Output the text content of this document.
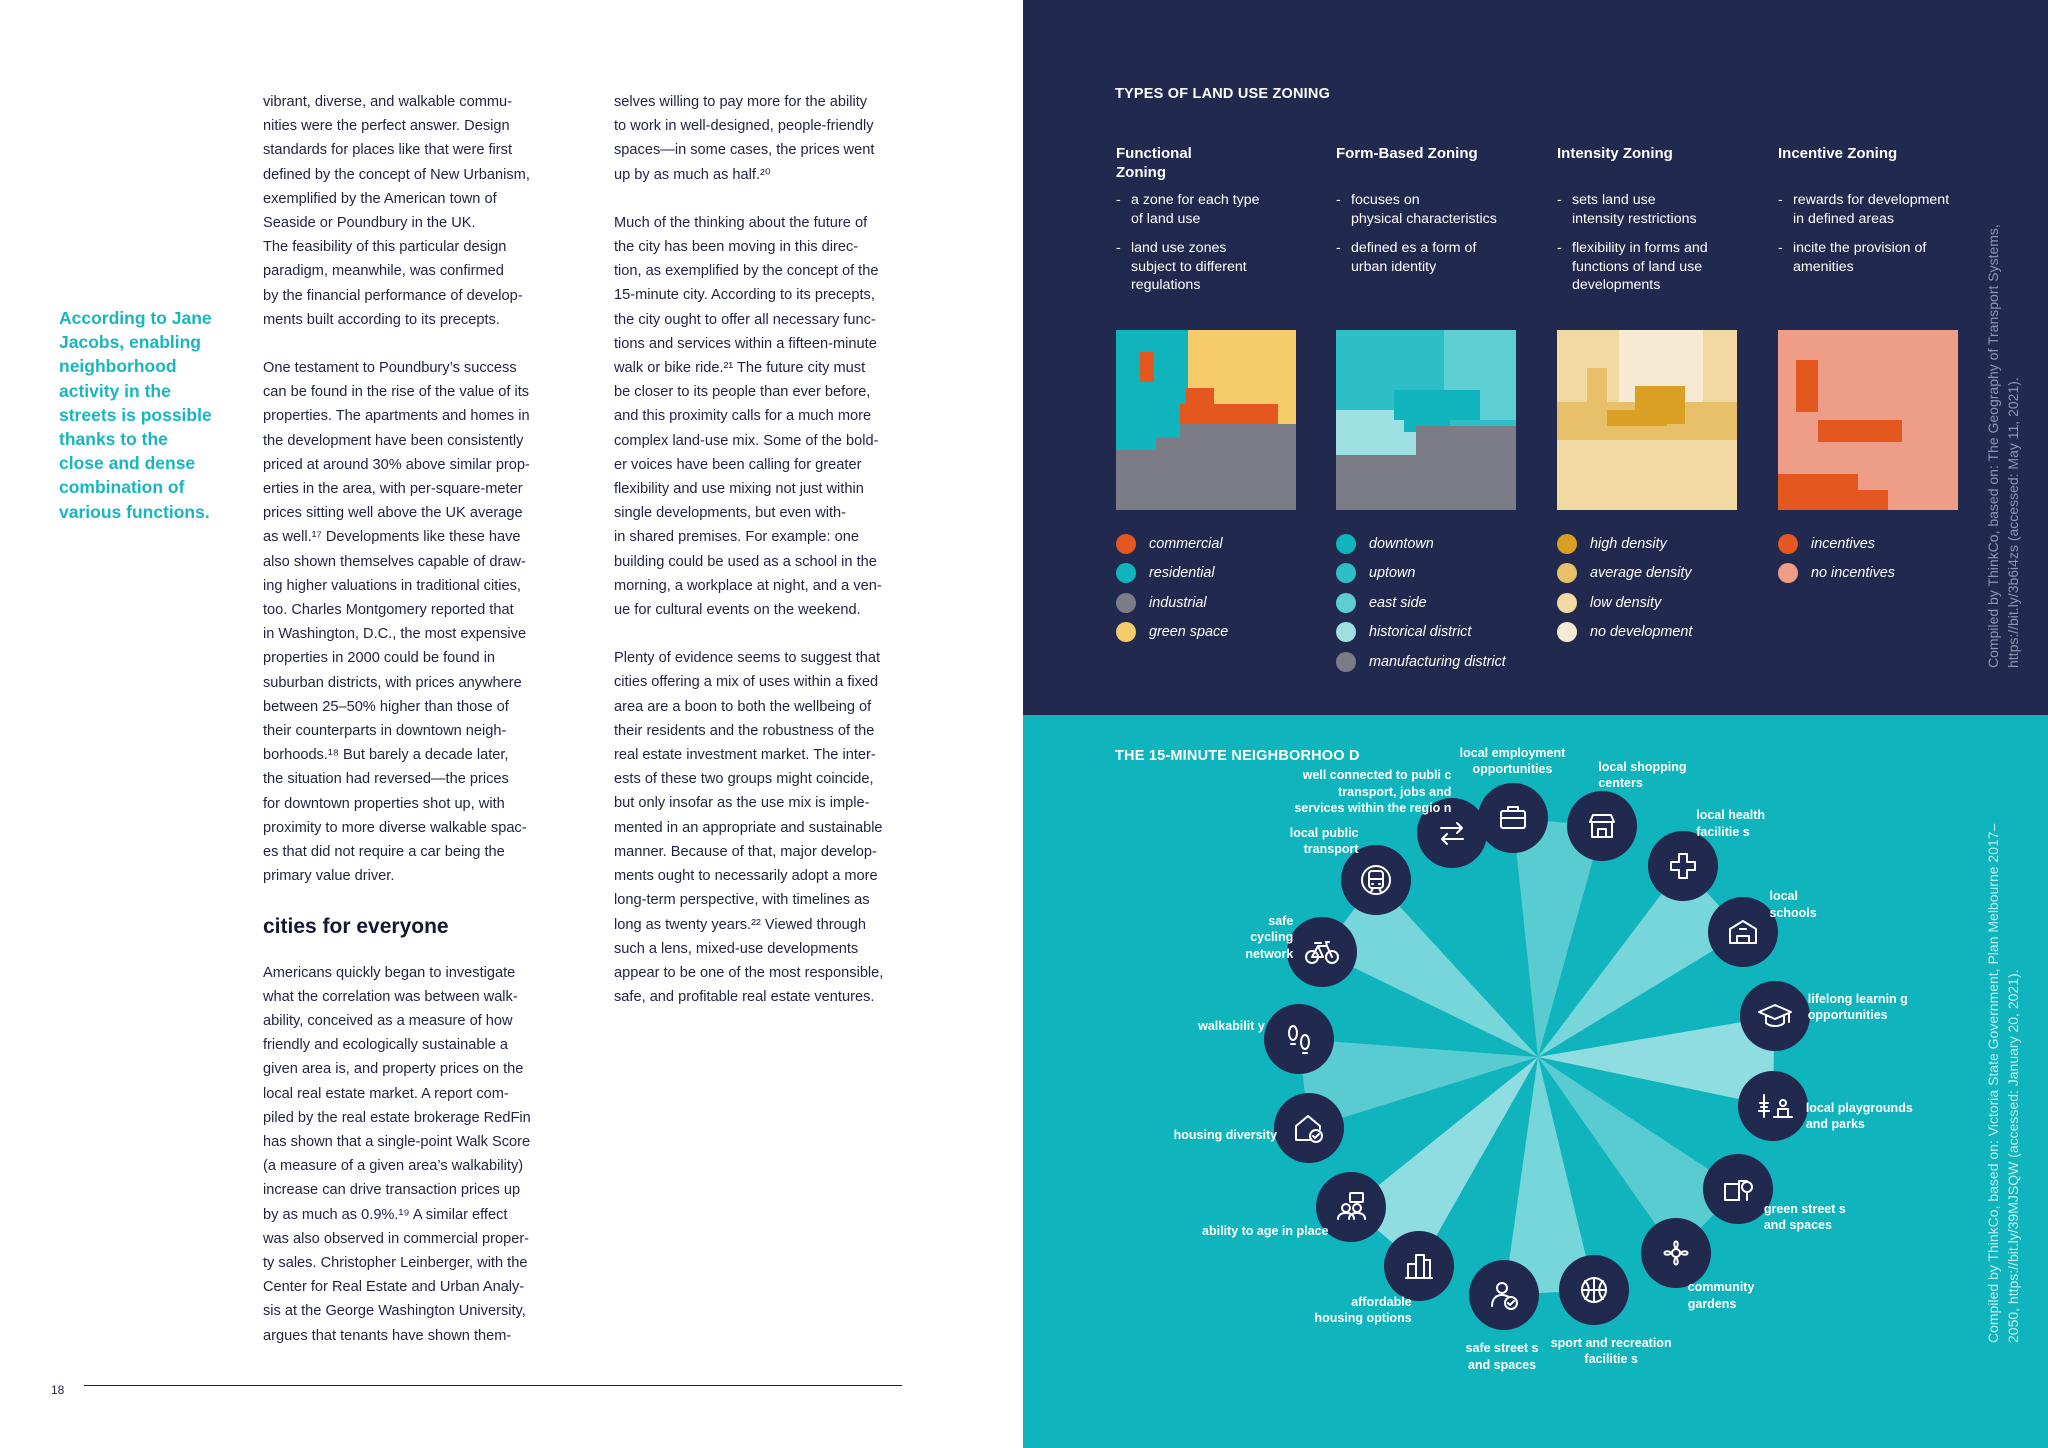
According to Jane
Jacobs, enabling
neighborhood
activity in the
streets is possible
thanks to the
close and dense
combination of
various functions.

vibrant, diverse, and walkable commu-
nities were the perfect answer. Design
standards for places like that were first
defined by the concept of New Urbanism,
exemplified by the American town of
Seaside or Poundbury in the UK.
The feasibility of this particular design
paradigm, meanwhile, was confirmed
by the financial performance of develop-
ments built according to its precepts.

One testament to Poundbury’s success
can be found in the rise of the value of its
properties. The apartments and homes in
the development have been consistently
priced at around 30% above similar prop-
erties in the area, with per-square-meter
prices sitting well above the UK average
as well.¹⁷ Developments like these have
also shown themselves capable of draw-
ing higher valuations in traditional cities,
too. Charles Montgomery reported that
in Washington, D.C., the most expensive
properties in 2000 could be found in
suburban districts, with prices anywhere
between 25–50% higher than those of
their counterparts in downtown neigh-
borhoods.¹⁸ But barely a decade later,
the situation had reversed—the prices
for downtown properties shot up, with
proximity to more diverse walkable spac-
es that did not require a car being the
primary value driver.

cities for everyone

Americans quickly began to investigate
what the correlation was between walk-
ability, conceived as a measure of how
friendly and ecologically sustainable a
given area is, and property prices on the
local real estate market. A report com-
piled by the real estate brokerage RedFin
has shown that a single-point Walk Score
(a measure of a given area’s walkability)
increase can drive transaction prices up
by as much as 0.9%.¹⁹ A similar effect
was also observed in commercial proper-
ty sales. Christopher Leinberger, with the
Center for Real Estate and Urban Analy-
sis at the George Washington University,
argues that tenants have shown them-

selves willing to pay more for the ability
to work in well-designed, people-friendly
spaces—in some cases, the prices went
up by as much as half.²⁰

Much of the thinking about the future of
the city has been moving in this direc-
tion, as exemplified by the concept of the
15-minute city. According to its precepts,
the city ought to offer all necessary func-
tions and services within a fifteen-minute
walk or bike ride.²¹ The future city must
be closer to its people than ever before,
and this proximity calls for a much more
complex land-use mix. Some of the bold-
er voices have been calling for greater
flexibility and use mixing not just within
single developments, but even with-
in shared premises. For example: one
building could be used as a school in the
morning, a workplace at night, and a ven-
ue for cultural events on the weekend.

Plenty of evidence seems to suggest that
cities offering a mix of uses within a fixed
area are a boon to both the wellbeing of
their residents and the robustness of the
real estate investment market. The inter-
ests of these two groups might coincide,
but only insofar as the use mix is imple-
mented in an appropriate and sustainable
manner. Because of that, major develop-
ments ought to necessarily adopt a more
long-term perspective, with timelines as
long as twenty years.²² Viewed through
such a lens, mixed-use developments
appear to be one of the most responsible,
safe, and profitable real estate ventures.

18
TYPES OF LAND USE ZONING
Functional
Zoning
- a zone for each type
of land use
- land use zones
subject to different
regulations
Form-Based Zoning
- focuses on
physical characteristics
- defined es a form of
urban identity
Intensity Zoning
- sets land use
intensity restrictions
- flexibility in forms and
functions of land use
developments
Incentive Zoning
- rewards for development
in defined areas
- incite the provision of
amenities
commercial
residential
industrial
green space
downtown
uptown
east side
historical district
manufacturing district
high density
average density
low density
no development
incentives
no incentives
Compiled by ThinkCo, based on: The Geography of Transport Systems,
https://bit.ly/3b6i4zs (accessed: May 11, 2021).
THE 15-MINUTE NEIGHBORHOO D	local employment
opportunities	local shopping
centers
local health
facilitie s
local
schools
lifelong learnin g
opportunities
local playgrounds
and parks
green street s
and spaces
community
gardens
sport and recreation
facilitie s
safe street s
and spaces
affordable
housing options
ability to age in place
housing diversity
walkabilit y
safe
cycling
network
local public
transport
well connected to publi c
transport, jobs and
services within the regio n
Compiled by ThinkCo, based on: Victoria State Government, Plan Melbourne 2017–
2050, https://bit.ly/39MJSQW (accessed: January 20, 2021).
